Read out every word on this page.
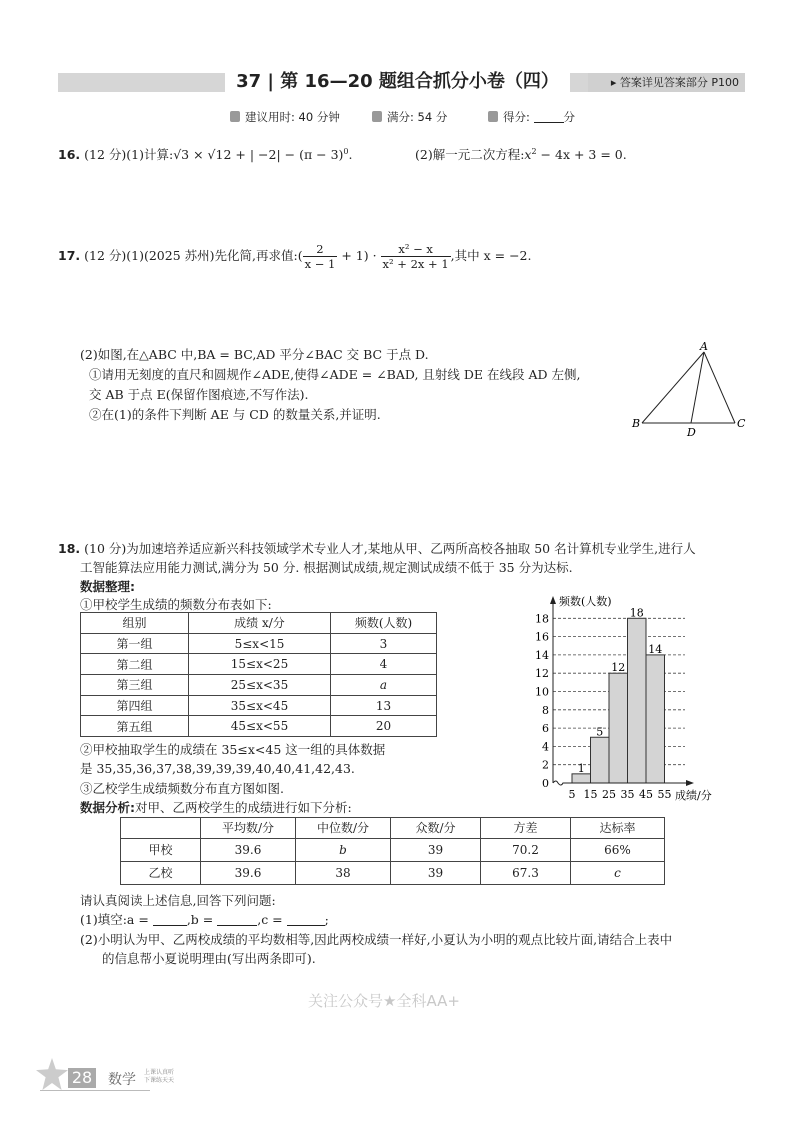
37 | 第 16—20 题组合抓分小卷（四）	▸ 答案详见答案部分 P100
建议用时: 40 分钟	满分: 54 分	得分:	分
16. (12 分)(1)计算:√3 × √12 + | $-2| - (\pi - 3)^0$.	(2)解一元二次方程$:x^2 - 4x + 3 = 0$.
17. (12 分)(1)(2025 苏州)先化简,再求值:( $\frac{2}{x - 1} + 1) \cdot \frac{\text{x² − x}}{\text{x² + 2x + 1}}$ ,其中 x = −2.
(2)如图,在△ABC 中,BA = BC,AD 平分∠BAC 交 BC 于点 D.
①请用无刻度的直尺和圆规作∠ADE,使得∠ADE = ∠BAD, 且射线 DE 在线段 AD 左侧,
交 AB 于点 E(保留作图痕迹,不写作法).
②在(1)的条件下判断 AE 与 CD 的数量关系,并证明.
A
B	C
D
18. (10 分)为加速培养适应新兴科技领域学术专业人才,某地从甲、乙两所高校各抽取 50 名计算机专业学生,进行人
工智能算法应用能力测试,满分为 50 分. 根据测试成绩,规定测试成绩不低于 35 分为达标.
数据整理:
①甲校学生成绩的频数分布表如下:
组别	成绩 x/分	频数(人数)
第一组	5≤x<15	3
第二组	15≤x<25	4
第三组	25≤x<35	a
第四组	35≤x<45	13
第五组	45≤x<55	20
②甲校抽取学生的成绩在 35≤x<45 这一组的具体数据
是 35,35,36,37,38,39,39,39,40,40,41,42,43.
③乙校学生成绩频数分布直方图如图.
数据分析:对甲、乙两校学生的成绩进行如下分析:
0
2
4
6
8
10
12
14
16
18
1
5
12
18
14
5 15 25 35 45 55
频数(人数)
成绩/分
	平均数/分	中位数/分	众数/分	方差	达标率
甲校	39.6	b	39	70.2	66%
乙校	39.6	38	39	67.3	c
请认真阅读上述信息,回答下列问题:
(1)填空:a =	,b =	,c =	;
(2)小明认为甲、乙两校成绩的平均数相等,因此两校成绩一样好,小夏认为小明的观点比较片面,请结合上表中
的信息帮小夏说明理由(写出两条即可).
关注公众号★全科AA+
28 数学 上课认真听
下课练天天
